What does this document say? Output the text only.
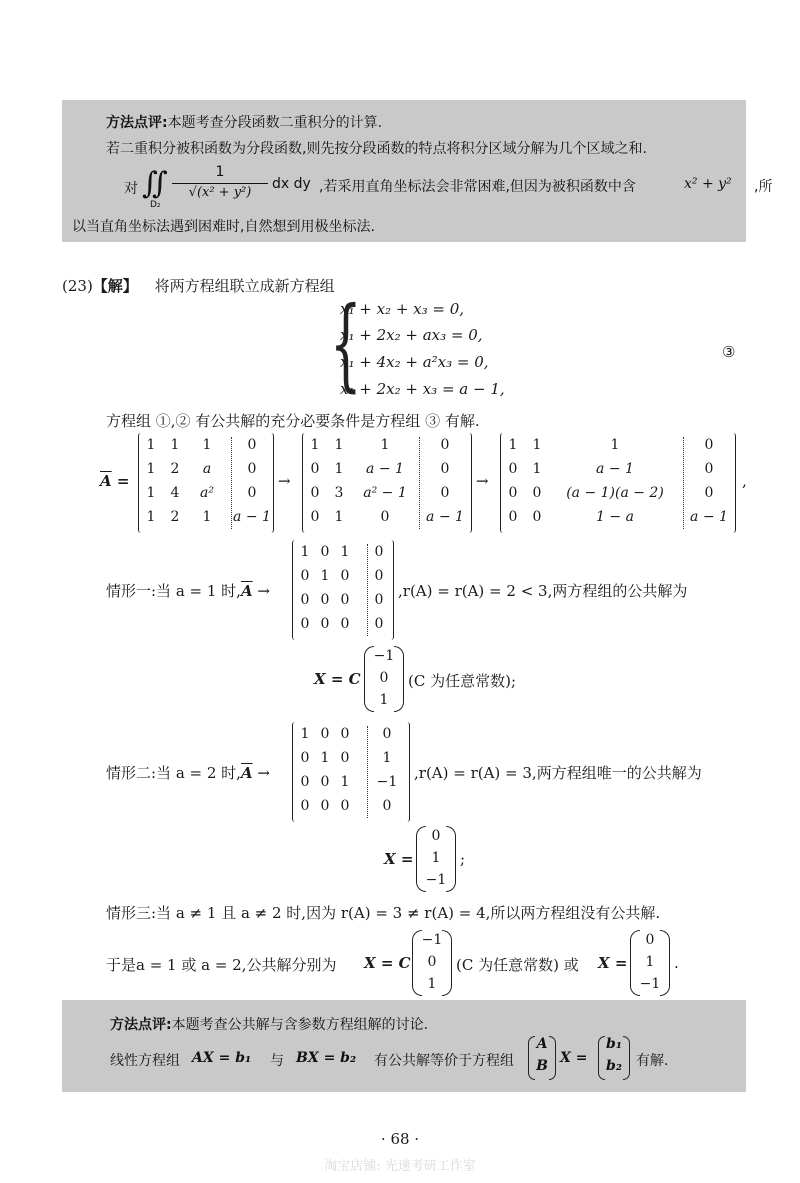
方法点评:本题考查分段函数二重积分的计算.
若二重积分被积函数为分段函数,则先按分段函数的特点将积分区域分解为几个区域之和.
对 ∬
D₂
1
√(x² + y²)
dx dy ,若采用直角坐标法会非常困难,但因为被积函数中含	x² + y² ,所
以当直角坐标法遇到困难时,自然想到用极坐标法.
(23)【解】 将两方程组联立成新方程组
{
x₁ + x₂ + x₃ = 0,
x₁ + 2x₂ + ax₃ = 0,
x₁ + 4x₂ + a²x₃ = 0,
x₁ + 2x₂ + x₃ = a − 1,
③
方程组 ①,② 有公共解的充分必要条件是方程组 ③ 有解.
$\overline{A}$ =
1 1	1	0
1 2	a	0
1 4	a²	0
1 2	1	a − 1
1 1	1	0
0 1	a − 1	0
0 3	a² − 1	0
0 1	0	a − 1
1 1	1	0
0 1	a − 1	0
0 0	(a − 1)(a − 2)	0
0 0	1 − a	a − 1
→	→	,
情形一:当 a = 1 时$,\overline{A}$ →
1 0 1	0
0 1 0	0
0 0 0	0
0 0 0	0
,r(A) = r(A) = 2 < 3,两方程组的公共解为
X = C
−1
0
1
(C 为任意常数);
情形二:当 a = 2 时$,\overline{A}$ →
1 0 0	0
0 1 0	1
0 0 1	−1
0 0 0	0
,r(A) = r(A) = 3,两方程组唯一的公共解为
X =
0
1
−1
;
情形三:当 a ≠ 1 且 a ≠ 2 时,因为 r(A) = 3 ≠ r(A) = 4,所以两方程组没有公共解.
于是a = 1 或 a = 2,公共解分别为 X = C
−1
0
1
(C 为任意常数) 或 X =
0
1
−1
.
方法点评:本题考查公共解与含参数方程组解的讨论.
线性方程组 AX = b₁ 与 BX = b₂ 有公共解等价于方程组
A
B X =
b₁
b₂	有解.
· 68 ·
淘宝店铺: 光速考研工作室
